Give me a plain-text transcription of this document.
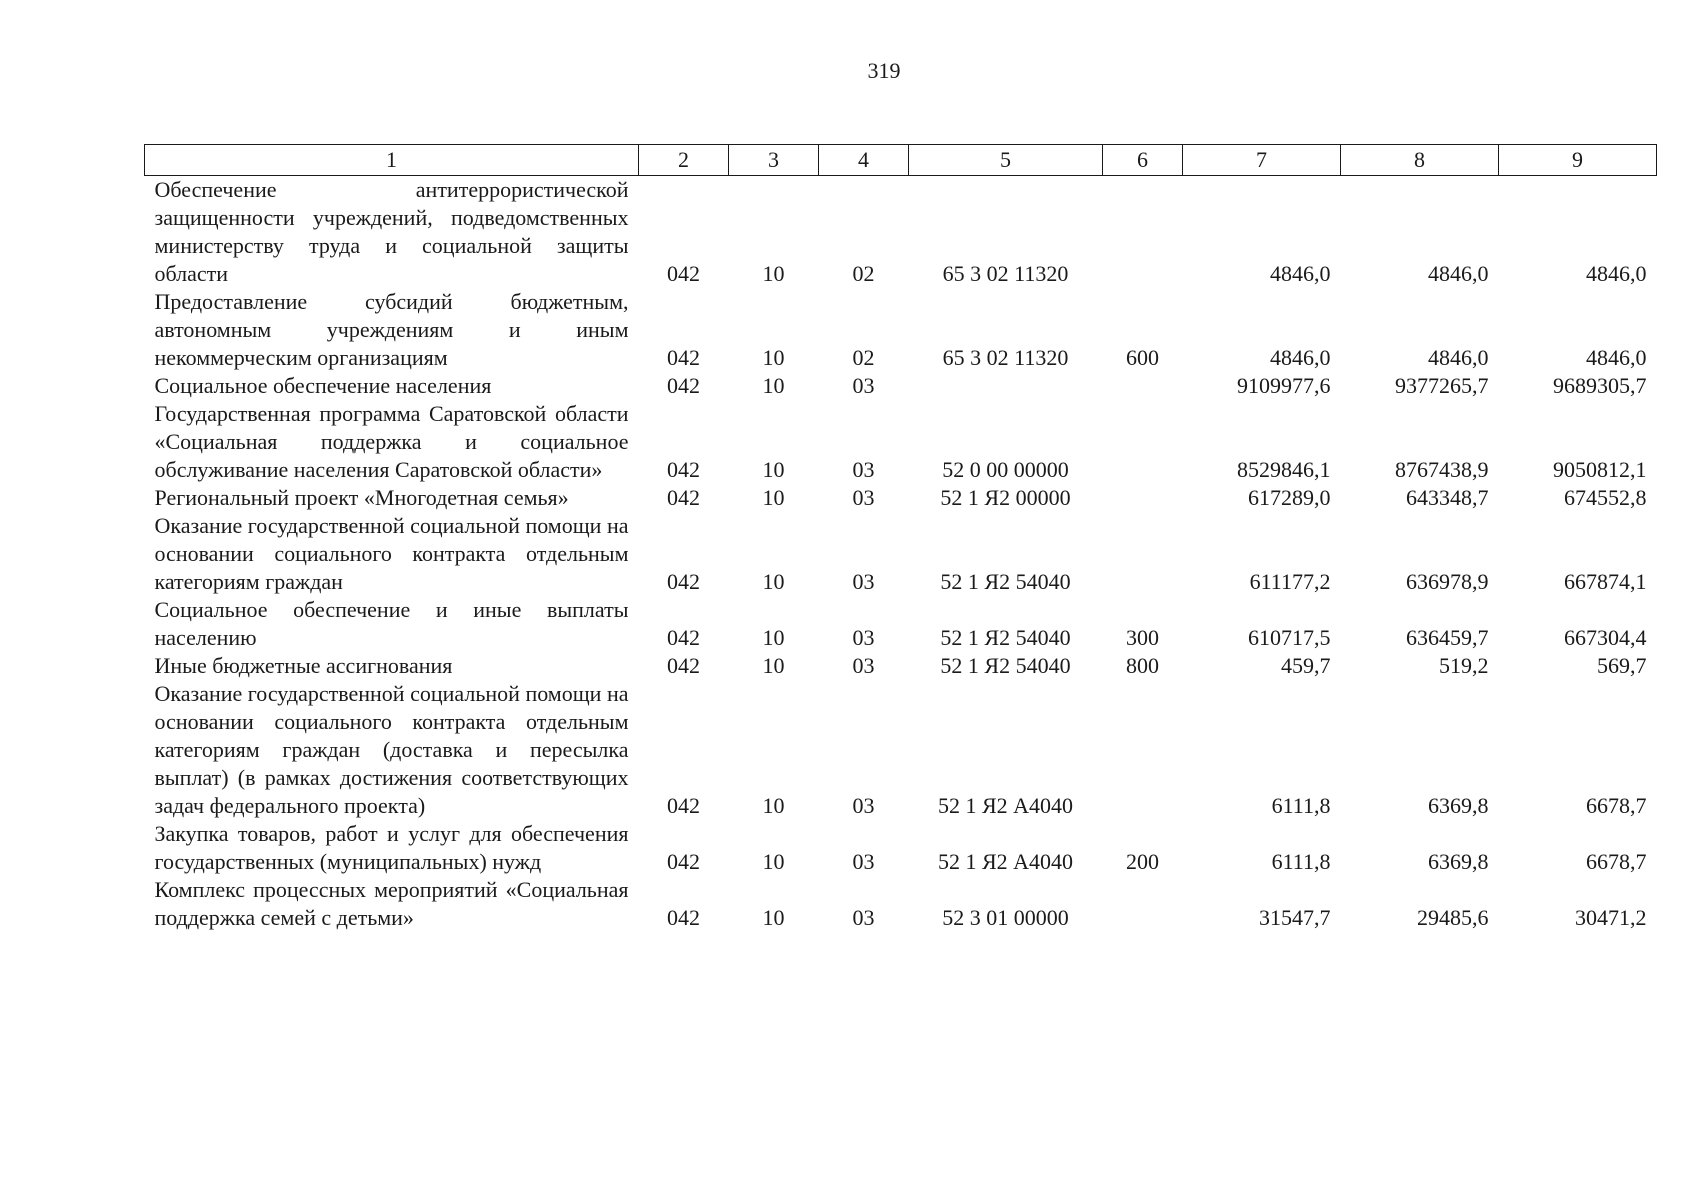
319
1	2	3	4	5	6	7	8	9
Обеспечение антитеррористической защищенности учреждений, подведомственных министерству труда и социальной защиты области	042	10	02	65 3 02 11320		4846,0	4846,0	4846,0
Предоставление субсидий бюджетным, автономным учреждениям и иным некоммерческим организациям	042	10	02	65 3 02 11320	600	4846,0	4846,0	4846,0
Социальное обеспечение населения	042	10	03			9109977,6	9377265,7	9689305,7
Государственная программа Саратовской области «Социальная поддержка и социальное обслуживание населения Саратовской области»	042	10	03	52 0 00 00000		8529846,1	8767438,9	9050812,1
Региональный проект «Многодетная семья»	042	10	03	52 1 Я2 00000		617289,0	643348,7	674552,8
Оказание государственной социальной помощи на основании социального контракта отдельным категориям граждан	042	10	03	52 1 Я2 54040		611177,2	636978,9	667874,1
Социальное обеспечение и иные выплаты населению	042	10	03	52 1 Я2 54040	300	610717,5	636459,7	667304,4
Иные бюджетные ассигнования	042	10	03	52 1 Я2 54040	800	459,7	519,2	569,7
Оказание государственной социальной помощи на основании социального контракта отдельным категориям граждан (доставка и пересылка выплат) (в рамках достижения соответствующих задач федерального проекта)	042	10	03	52 1 Я2 А4040		6111,8	6369,8	6678,7
Закупка товаров, работ и услуг для обеспечения государственных (муниципальных) нужд	042	10	03	52 1 Я2 А4040	200	6111,8	6369,8	6678,7
Комплекс процессных мероприятий «Социальная поддержка семей с детьми»	042	10	03	52 3 01 00000		31547,7	29485,6	30471,2
